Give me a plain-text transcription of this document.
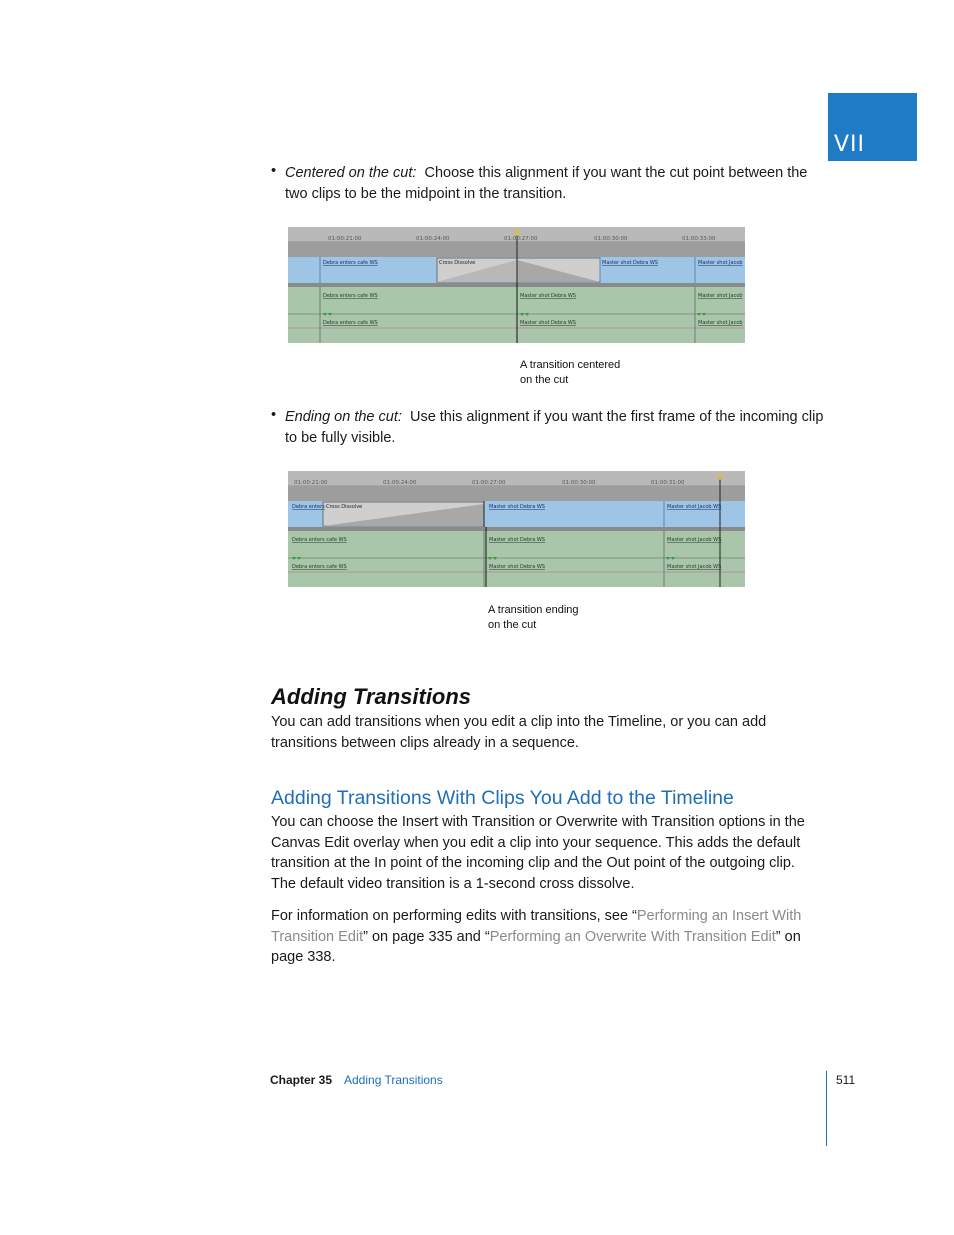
VII
• Centered on the cut: Choose this alignment if you want the cut point between the two clips to be the midpoint in the transition.
01:00:21:00	01:00:24:00	01:00:27:00	01:00:30:00	01:00:33:00
Debra enters cafe WS	Cross Dissolve	Master shot Debra WS	Master shot Jacob
Debra enters cafe WS	Master shot Debra WS	Master shot Jacob
Debra enters cafe WS	Master shot Debra WS	Master shot Jacob
A transition centered
on the cut
• Ending on the cut: Use this alignment if you want the first frame of the incoming clip to be fully visible.
01:00:21:00	01:00:24:00	01:00:27:00	01:00:30:00	01:00:31:00
Debra enters Cross Dissolve	Master shot Debra WS	Master shot Jacob WS
Debra enters cafe WS	Master shot Debra WS	Master shot Jacob WS
Debra enters cafe WS	Master shot Debra WS	Master shot Jacob WS
A transition ending
on the cut
Adding Transitions
You can add transitions when you edit a clip into the Timeline, or you can add transitions between clips already in a sequence.
Adding Transitions With Clips You Add to the Timeline
You can choose the Insert with Transition or Overwrite with Transition options in the Canvas Edit overlay when you edit a clip into your sequence. This adds the default transition at the In point of the incoming clip and the Out point of the outgoing clip. The default video transition is a 1-second cross dissolve.
For information on performing edits with transitions, see “Performing an Insert With Transition Edit” on page 335 and “Performing an Overwrite With Transition Edit” on page 338.
Chapter 35 Adding Transitions	511
